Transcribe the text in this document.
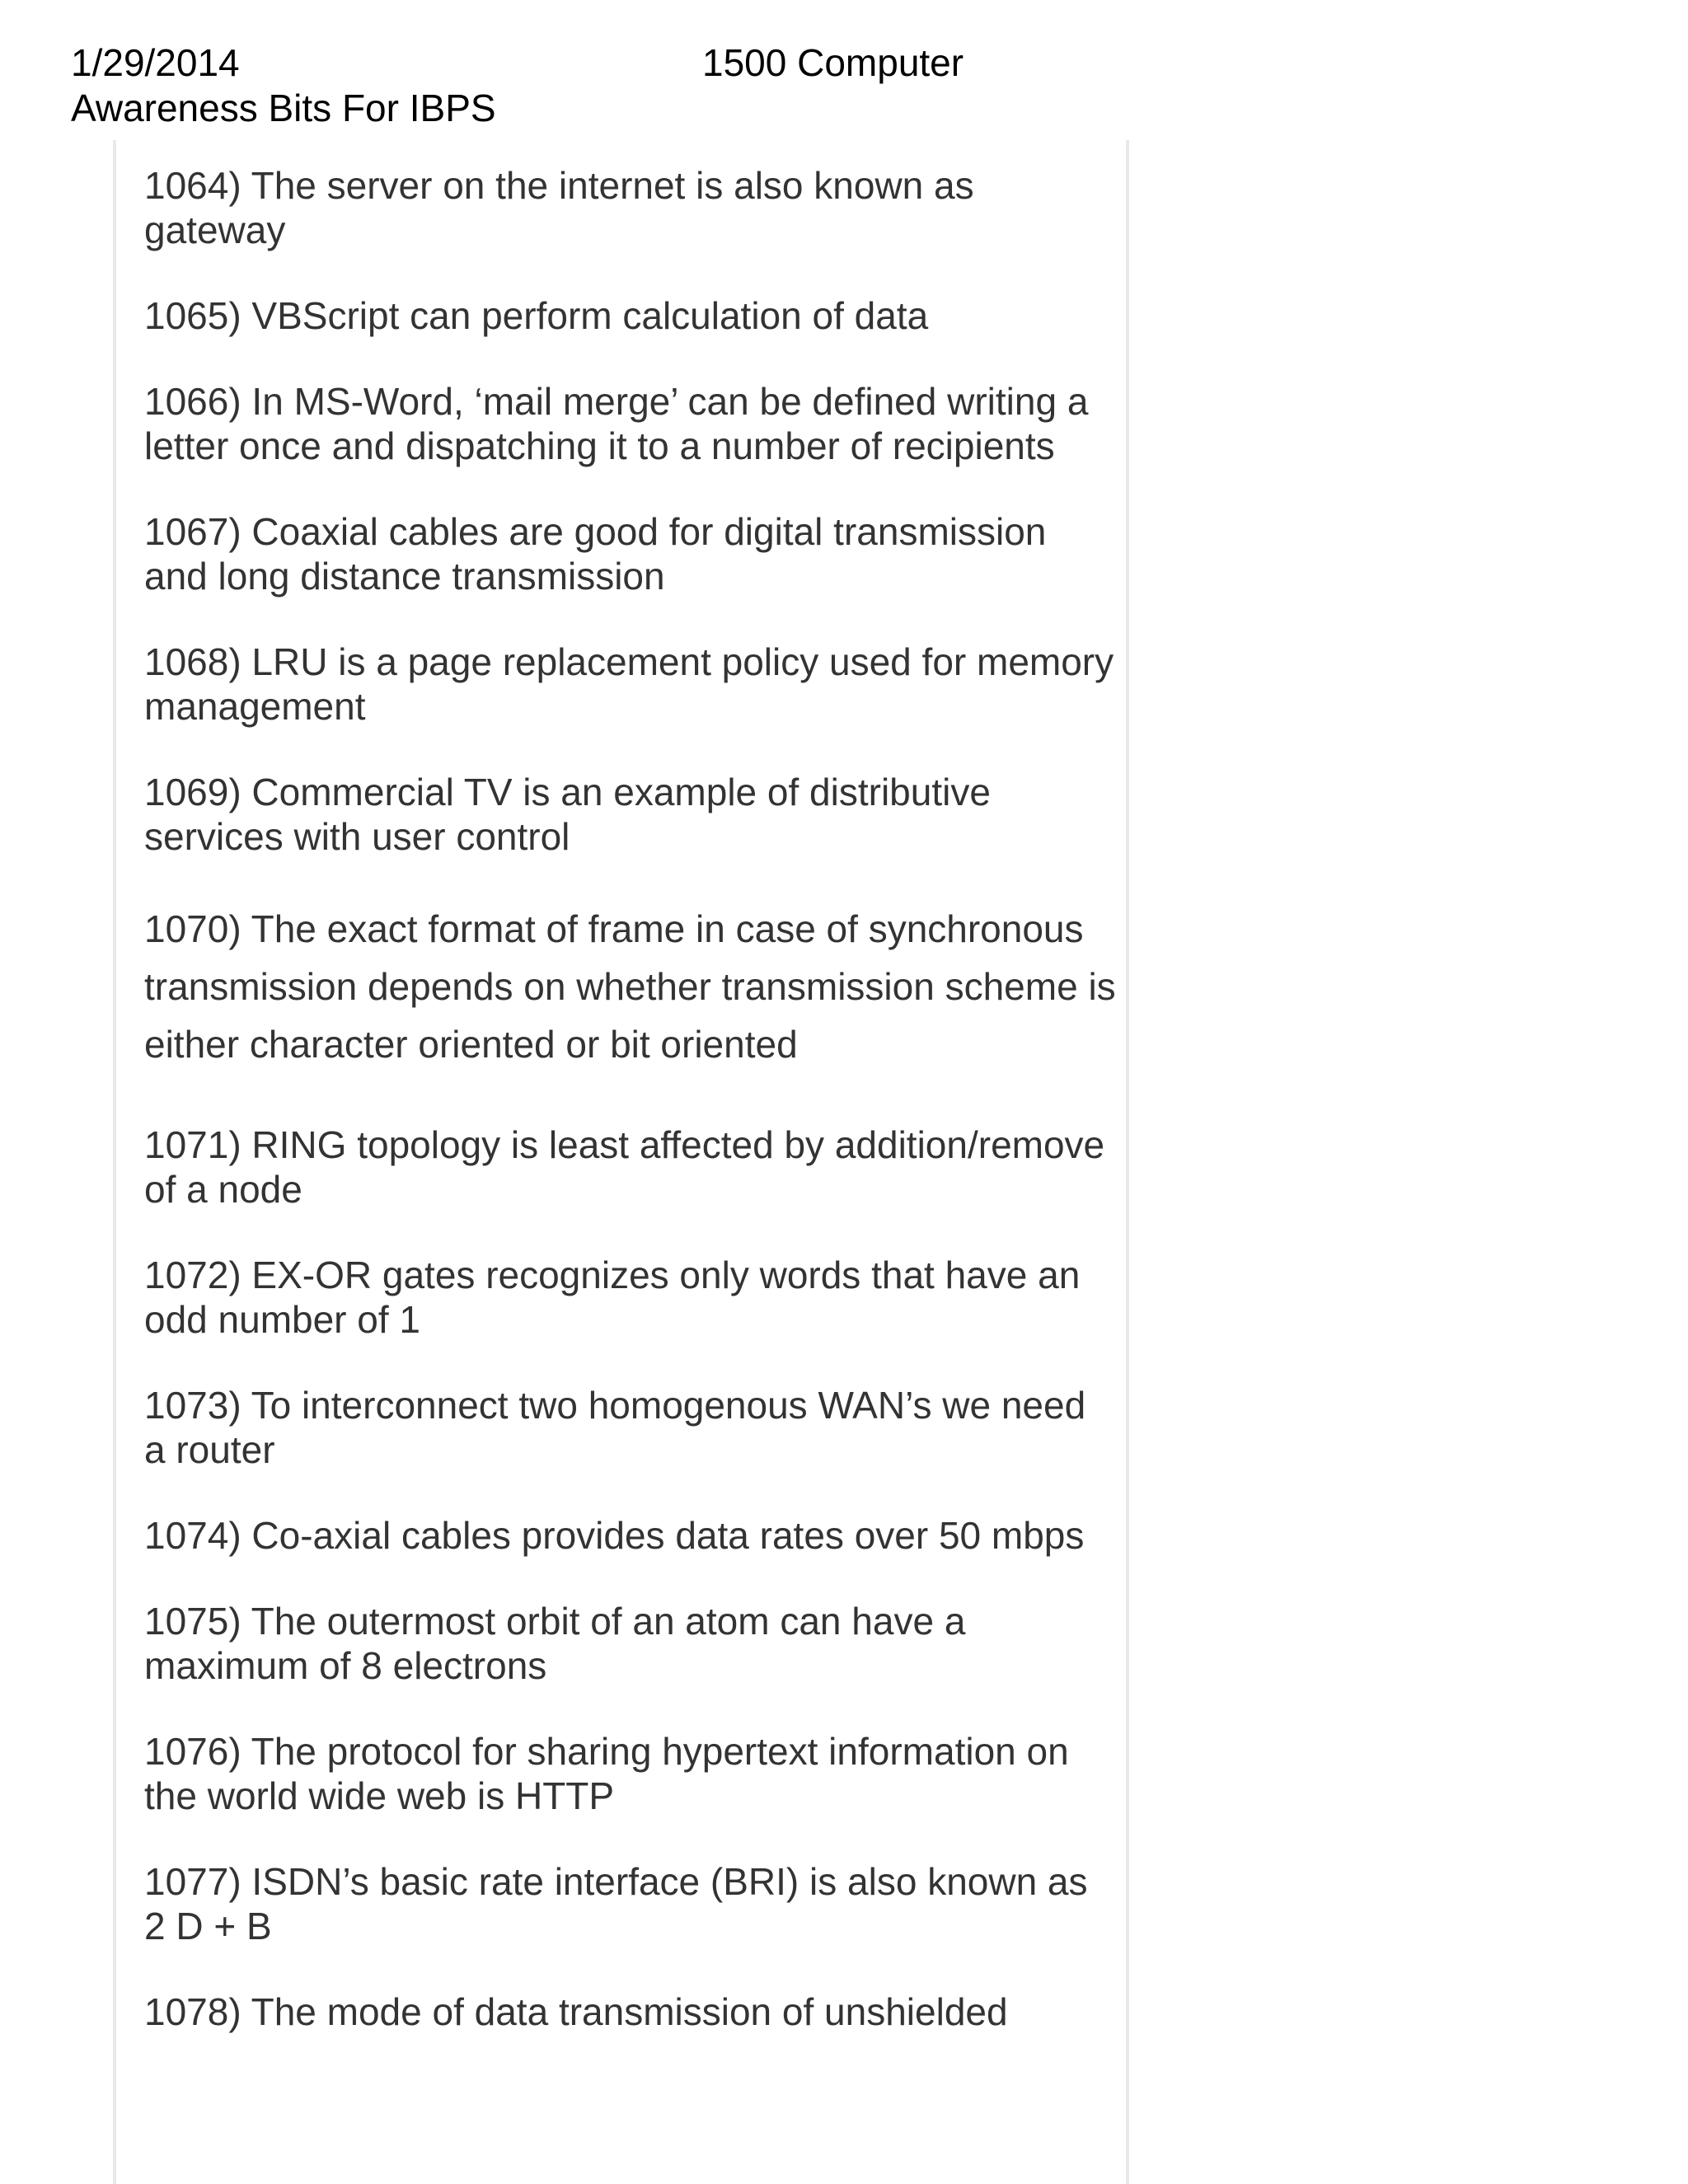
1/29/2014	1500 Computer
Awareness Bits For IBPS

1064) The server on the internet is also known as gateway

1065) VBScript can perform calculation of data

1066) In MS-Word, ‘mail merge’ can be defined writing a letter once and dispatching it to a number of recipients

1067) Coaxial cables are good for digital transmission and long distance transmission

1068) LRU is a page replacement policy used for memory management

1069) Commercial TV is an example of distributive services with user control

1070) The exact format of frame in case of synchronous transmission depends on whether transmission scheme is either character oriented or bit oriented

1071) RING topology is least affected by addition/remove of a node

1072) EX-OR gates recognizes only words that have an odd number of 1

1073) To interconnect two homogenous WAN’s we need a router

1074) Co-axial cables provides data rates over 50 mbps

1075) The outermost orbit of an atom can have a maximum of 8 electrons

1076) The protocol for sharing hypertext information on the world wide web is HTTP

1077) ISDN’s basic rate interface (BRI) is also known as 2 D + B

1078) The mode of data transmission of unshielded
